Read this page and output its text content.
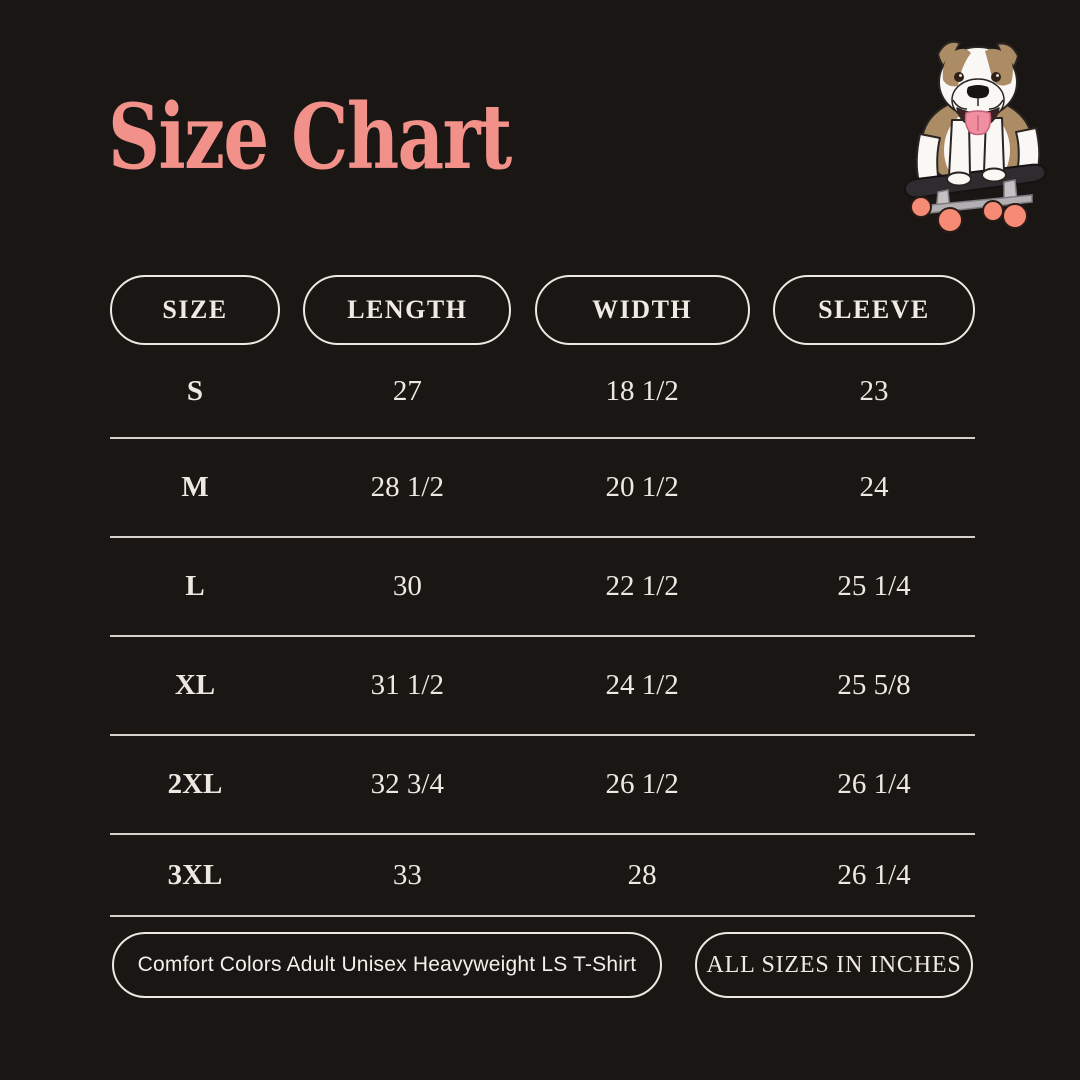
Size Chart
SIZE	LENGTH	WIDTH	SLEEVE
S	27	18 1/2	23
M	28 1/2	20 1/2	24
L	30	22 1/2	25 1/4
XL	31 1/2	24 1/2	25 5/8
2XL	32 3/4	26 1/2	26 1/4
3XL	33	28	26 1/4
Comfort Colors Adult Unisex Heavyweight LS T-Shirt	ALL SIZES IN INCHES
